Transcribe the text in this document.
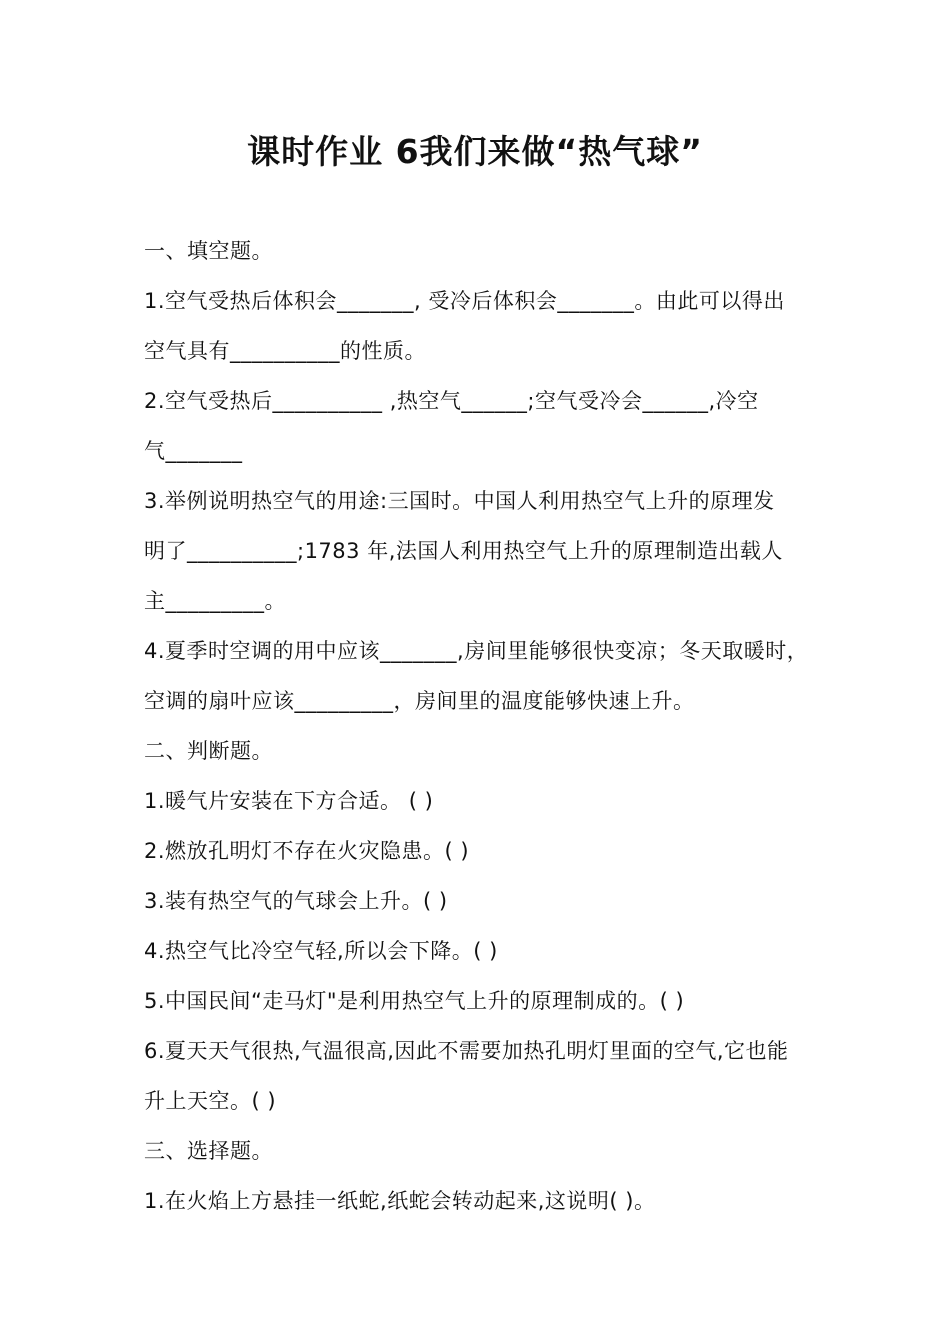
课时作业 6我们来做“热气球”
一、填空题。
1.空气受热后体积会_______, 受冷后体积会_______。由此可以得出
空气具有__________的性质。
2.空气受热后__________ ,热空气______;空气受冷会______,冷空
气_______
3.举例说明热空气的用途:三国时。中国人利用热空气上升的原理发
明了__________;1783 年,法国人利用热空气上升的原理制造出载人
主_________。
4.夏季时空调的用中应该_______,房间里能够很快变凉；冬天取暖时，
空调的扇叶应该_________，房间里的温度能够快速上升。
二、判断题。
1.暖气片安装在下方合适。 ( )
2.燃放孔明灯不存在火灾隐患。( )
3.装有热空气的气球会上升。( )
4.热空气比冷空气轻,所以会下降。( )
5.中国民间“走马灯"是利用热空气上升的原理制成的。( )
6.夏天天气很热,气温很高,因此不需要加热孔明灯里面的空气,它也能
升上天空。( )
三、选择题。
1.在火焰上方悬挂一纸蛇,纸蛇会转动起来,这说明( )。
